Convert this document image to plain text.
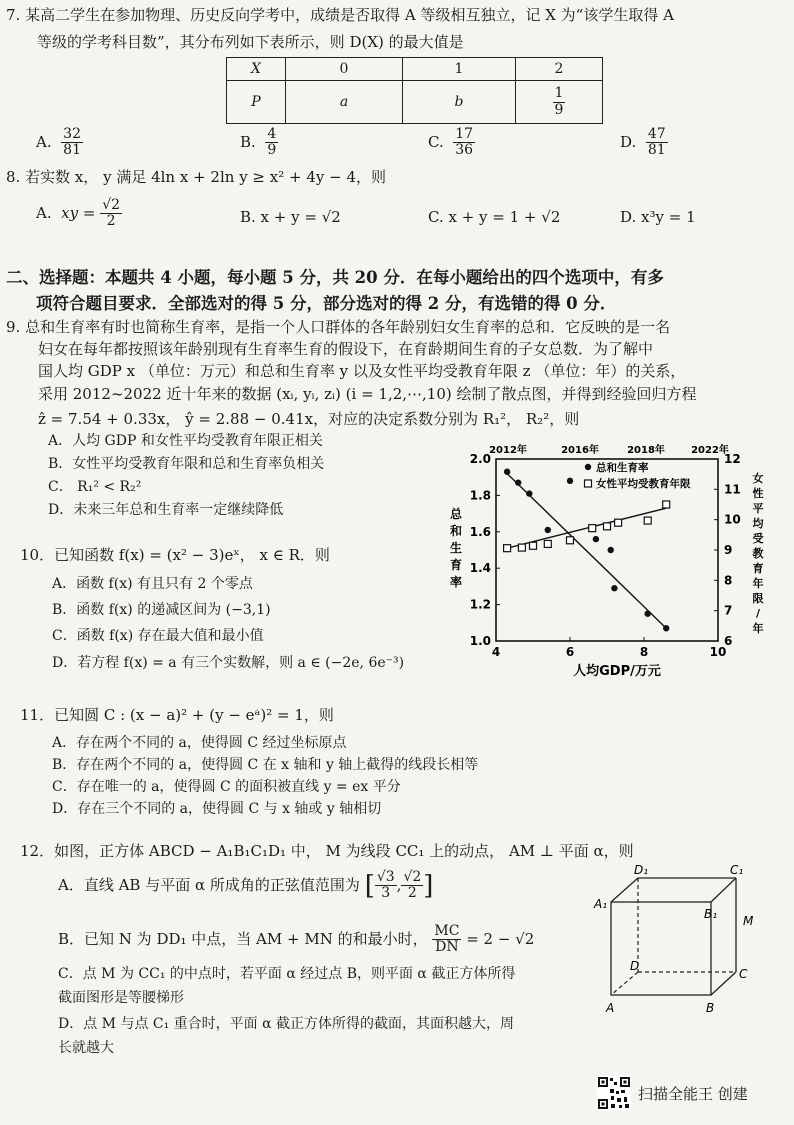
7. 某高二学生在参加物理、历史反向学考中，成绩是否取得 A 等级相互独立，记 X 为“该学生取得 A
等级的学考科目数”，其分布列如下表所示，则 D(X) 的最大值是
X	0	1	2
P	a	b	$\frac{1}{9}$
A. $\frac{32}{81}$	B. $\frac{4}{9}$	C. $\frac{17}{36}$	D. $\frac{47}{81}$
8. 若实数 x， y 满足 4ln x + 2ln y ≥ x² + 4y − 4，则
A. xy = $\frac{√2}{2}$	B. x + y = √2	C. x + y = 1 + √2	D. x³y = 1
二、选择题：本题共 4 小题，每小题 5 分，共 20 分．在每小题给出的四个选项中，有多
项符合题目要求．全部选对的得 5 分，部分选对的得 2 分，有选错的得 0 分．
9. 总和生育率有时也简称生育率，是指一个人口群体的各年龄别妇女生育率的总和．它反映的是一名
妇女在每年都按照该年龄别现有生育率生育的假设下，在育龄期间生育的子女总数．为了解中
国人均 GDP x （单位：万元）和总和生育率 y 以及女性平均受教育年限 z （单位：年）的关系，
采用 2012~2022 近十年来的数据 (xᵢ, yᵢ, zᵢ) (i = 1,2,⋯,10) 绘制了散点图，并得到经验回归方程
ẑ = 7.54 + 0.33x， ŷ = 2.88 − 0.41x，对应的决定系数分别为 R₁²， R₂²，则
A．人均 GDP 和女性平均受教育年限正相关
B．女性平均受教育年限和总和生育率负相关
C． R₁² < R₂²
D．未来三年总和生育率一定继续降低
4	6	8	10
1.0
1.2
1.4
1.6
1.8
2.0
6
7
8
9
10
11
12
2012年	2016年	2018年	2022年
人均GDP/万元
总
和
生
育
率
女
性
平
均
受
教
育
年
限
/
年
总和生育率
女性平均受教育年限
10．已知函数 f(x) = (x² − 3)eˣ， x ∈ R．则
A．函数 f(x) 有且只有 2 个零点
B．函数 f(x) 的递减区间为 (−3,1)
C．函数 f(x) 存在最大值和最小值
D．若方程 f(x) = a 有三个实数解，则 a ∈ (−2e, 6e⁻³)
11．已知圆 C : (x − a)² + (y − eᵃ)² = 1，则
A．存在两个不同的 a，使得圆 C 经过坐标原点
B．存在两个不同的 a，使得圆 C 在 x 轴和 y 轴上截得的线段长相等
C．存在唯一的 a，使得圆 C 的面积被直线 y = ex 平分
D．存在三个不同的 a，使得圆 C 与 x 轴或 y 轴相切
12．如图，正方体 ABCD − A₁B₁C₁D₁ 中， M 为线段 CC₁ 上的动点， AM ⊥ 平面 α，则
A．直线 AB 与平面 α 所成角的正弦值范围为 [ $\frac{√3}{3}$ , $\frac{√2}{2}$ ]
B．已知 N 为 DD₁ 中点，当 AM + MN 的和最小时， $\frac{MC}{DN} = 2 - √2$
C．点 M 为 CC₁ 的中点时，若平面 α 经过点 B，则平面 α 截正方体所得
截面图形是等腰梯形
D．点 M 与点 C₁ 重合时，平面 α 截正方体所得的截面，其面积越大，周
长就越大
D₁	C₁
A₁
B₁ M
D
C
A	B
扫描全能王 创建
